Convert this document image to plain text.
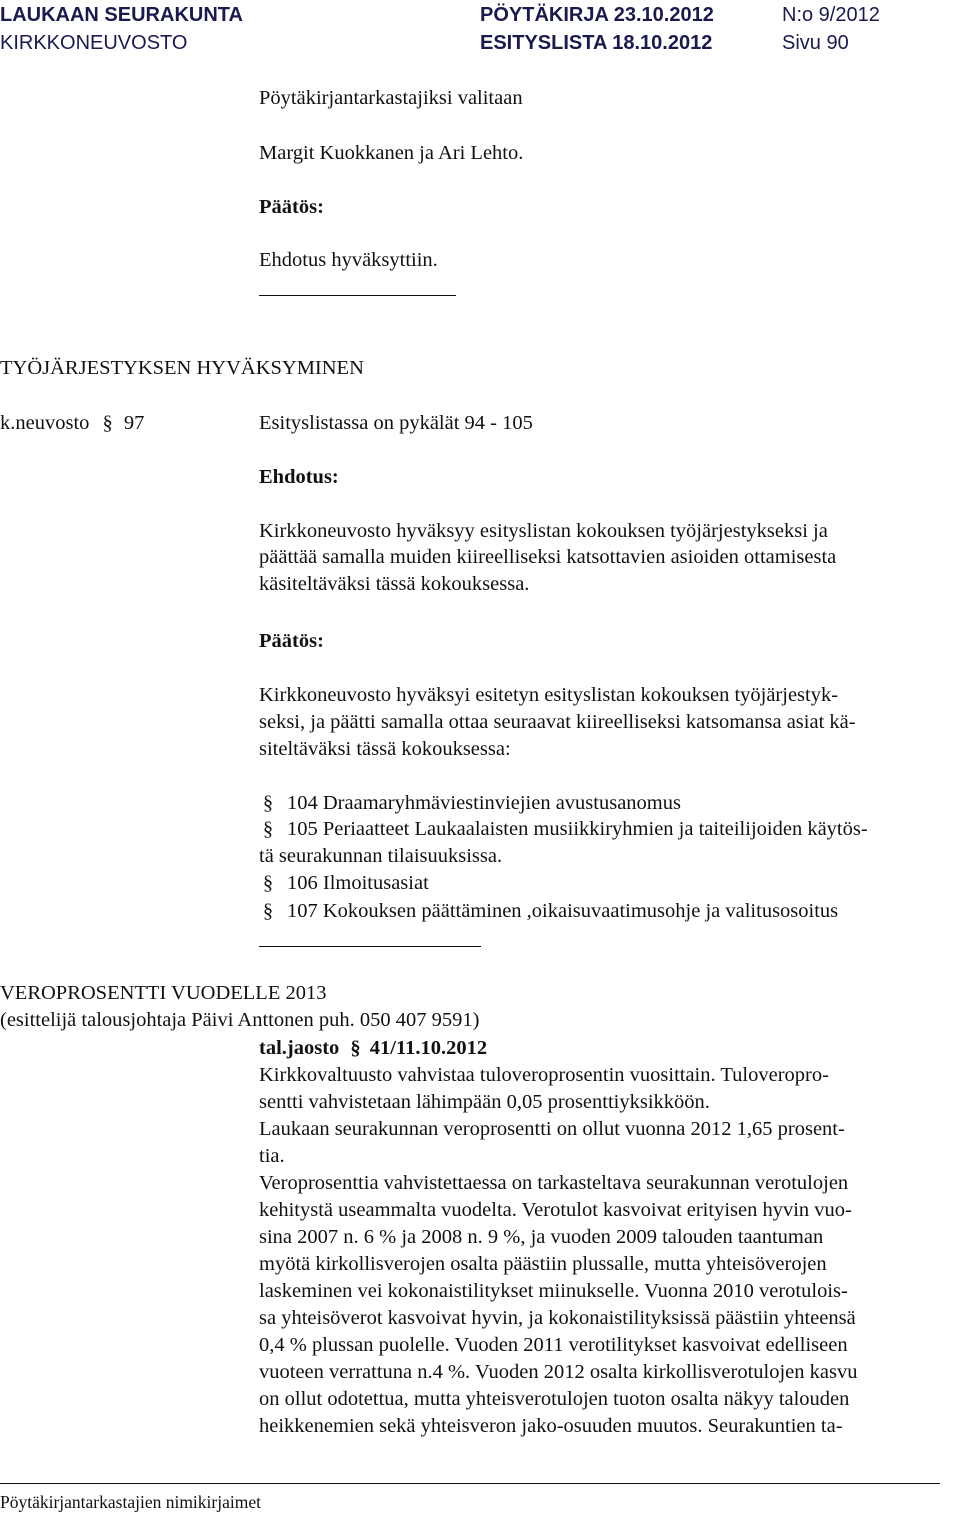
LAUKAAN SEURAKUNTA
KIRKKONEUVOSTO
PÖYTÄKIRJA 23.10.2012
ESITYSLISTA 18.10.2012
N:o 9/2012
Sivu 90
Pöytäkirjantarkastajiksi valitaan
Margit Kuokkanen ja Ari Lehto.
Päätös:
Ehdotus hyväksyttiin.
TYÖJÄRJESTYKSEN HYVÄKSYMINEN
k.neuvosto § 97	Esityslistassa on pykälät 94 - 105
Ehdotus:
Kirkkoneuvosto hyväksyy esityslistan kokouksen työjärjestykseksi ja
päättää samalla muiden kiireelliseksi katsottavien asioiden ottamisesta
käsiteltäväksi tässä kokouksessa.
Päätös:
Kirkkoneuvosto hyväksyi esitetyn esityslistan kokouksen työjärjestyk-
seksi, ja päätti samalla ottaa seuraavat kiireelliseksi katsomansa asiat kä-
siteltäväksi tässä kokouksessa:
§ 104 Draamaryhmäviestinviejien avustusanomus
§ 105 Periaatteet Laukaalaisten musiikkiryhmien ja taiteilijoiden käytös-
tä seurakunnan tilaisuuksissa.
§ 106 Ilmoitusasiat
§ 107 Kokouksen päättäminen ,oikaisuvaatimusohje ja valitusosoitus
VEROPROSENTTI VUODELLE 2013
(esittelijä talousjohtaja Päivi Anttonen puh. 050 407 9591)
tal.jaosto § 41/11.10.2012
Kirkkovaltuusto vahvistaa tuloveroprosentin vuosittain. Tuloveropro-
sentti vahvistetaan lähimpään 0,05 prosenttiyksikköön.
Laukaan seurakunnan veroprosentti on ollut vuonna 2012 1,65 prosent-
tia.
Veroprosenttia vahvistettaessa on tarkasteltava seurakunnan verotulojen
kehitystä useammalta vuodelta. Verotulot kasvoivat erityisen hyvin vuo-
sina 2007 n. 6 % ja 2008 n. 9 %, ja vuoden 2009 talouden taantuman
myötä kirkollisverojen osalta päästiin plussalle, mutta yhteisöverojen
laskeminen vei kokonaistilitykset miinukselle. Vuonna 2010 verotulois-
sa yhteisöverot kasvoivat hyvin, ja kokonaistilityksissä päästiin yhteensä
0,4 % plussan puolelle. Vuoden 2011 verotilitykset kasvoivat edelliseen
vuoteen verrattuna n.4 %. Vuoden 2012 osalta kirkollisverotulojen kasvu
on ollut odotettua, mutta yhteisverotulojen tuoton osalta näkyy talouden
heikkenemien sekä yhteisveron jako-osuuden muutos. Seurakuntien ta-
Pöytäkirjantarkastajien nimikirjaimet
